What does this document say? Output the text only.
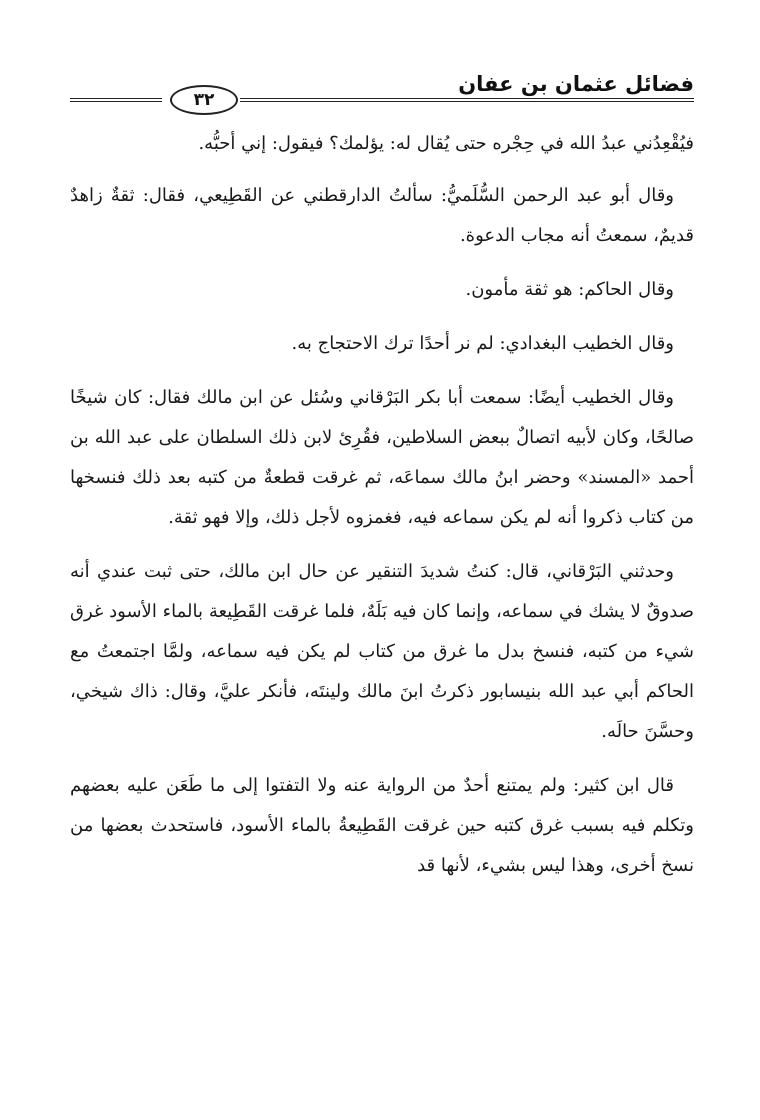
فضائل عثمان بن عفان
٣٢

فيُقْعِدُني عبدُ الله في حِجْره حتى يُقال له: يؤلمك؟ فيقول: إني أحبُّه.

وقال أبو عبد الرحمن السُّلَميُّ: سألتُ الدارقطني عن القَطِيعي، فقال: ثقةٌ زاهدٌ قديمٌ، سمعتُ أنه مجاب الدعوة.

وقال الحاكم: هو ثقة مأمون.

وقال الخطيب البغدادي: لم نر أحدًا ترك الاحتجاج به.

وقال الخطيب أيضًا: سمعت أبا بكر البَرْقاني وسُئل عن ابن مالك فقال: كان شيخًا صالحًا، وكان لأبيه اتصالٌ ببعض السلاطين، فقُرِئ لابن ذلك السلطان على عبد الله بن أحمد «المسند» وحضر ابنُ مالك سماعَه، ثم غرقت قطعةٌ من كتبه بعد ذلك فنسخها من كتاب ذكروا أنه لم يكن سماعه فيه، فغمزوه لأجل ذلك، وإلا فهو ثقة.

وحدثني البَرْقاني، قال: كنتُ شديدَ التنقير عن حال ابن مالك، حتى ثبت عندي أنه صدوقٌ لا يشك في سماعه، وإنما كان فيه بَلَهٌ، فلما غرقت القَطِيعة بالماء الأسود غرق شيء من كتبه، فنسخ بدل ما غرق من كتاب لم يكن فيه سماعه، ولمَّا اجتمعتُ مع الحاكم أبي عبد الله بنيسابور ذكرتُ ابنَ مالك ولينتَه، فأنكر عليَّ، وقال: ذاك شيخي، وحسَّنَ حالَه.

قال ابن كثير: ولم يمتنع أحدٌ من الرواية عنه ولا التفتوا إلى ما طَعَن عليه بعضهم وتكلم فيه بسبب غرق كتبه حين غرقت القَطِيعةُ بالماء الأسود، فاستحدث بعضها من نسخ أخرى، وهذا ليس بشيء، لأنها قد
